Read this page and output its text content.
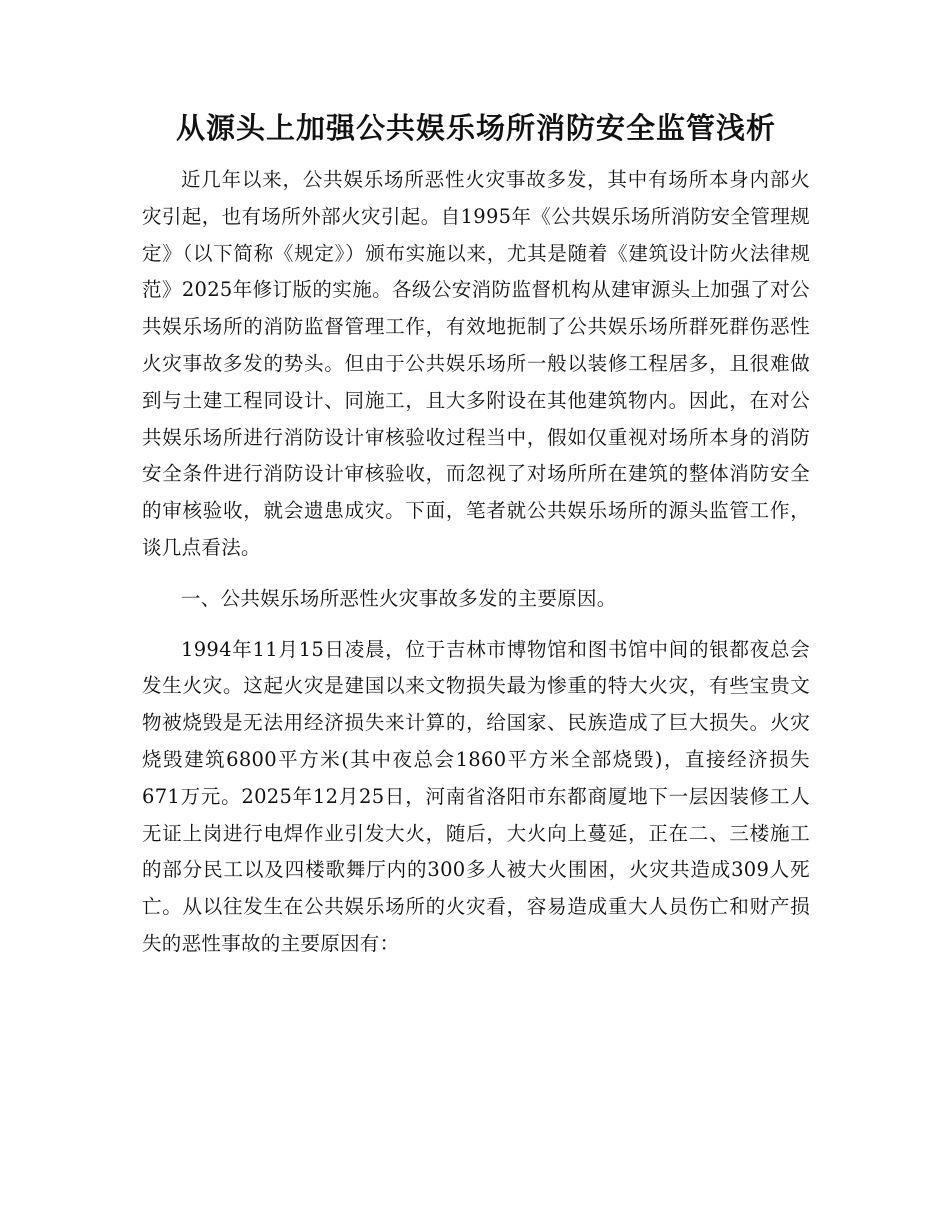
从源头上加强公共娱乐场所消防安全监管浅析

近几年以来，公共娱乐场所恶性火灾事故多发，其中有场所本身内部火灾引起，也有场所外部火灾引起。自1995年《公共娱乐场所消防安全管理规定》（以下简称《规定》）颁布实施以来，尤其是随着《建筑设计防火法律规范》2025年修订版的实施。各级公安消防监督机构从建审源头上加强了对公共娱乐场所的消防监督管理工作，有效地扼制了公共娱乐场所群死群伤恶性火灾事故多发的势头。但由于公共娱乐场所一般以装修工程居多，且很难做到与土建工程同设计、同施工，且大多附设在其他建筑物内。因此，在对公共娱乐场所进行消防设计审核验收过程当中，假如仅重视对场所本身的消防安全条件进行消防设计审核验收，而忽视了对场所所在建筑的整体消防安全的审核验收，就会遗患成灾。下面，笔者就公共娱乐场所的源头监管工作，谈几点看法。

一、公共娱乐场所恶性火灾事故多发的主要原因。

1994年11月15日凌晨，位于吉林市博物馆和图书馆中间的银都夜总会发生火灾。这起火灾是建国以来文物损失最为惨重的特大火灾，有些宝贵文物被烧毁是无法用经济损失来计算的，给国家、民族造成了巨大损失。火灾烧毁建筑6800平方米(其中夜总会1860平方米全部烧毁)，直接经济损失671万元。2025年12月25日，河南省洛阳市东都商厦地下一层因装修工人无证上岗进行电焊作业引发大火，随后，大火向上蔓延，正在二、三楼施工的部分民工以及四楼歌舞厅内的300多人被大火围困，火灾共造成309人死亡。从以往发生在公共娱乐场所的火灾看，容易造成重大人员伤亡和财产损失的恶性事故的主要原因有：
